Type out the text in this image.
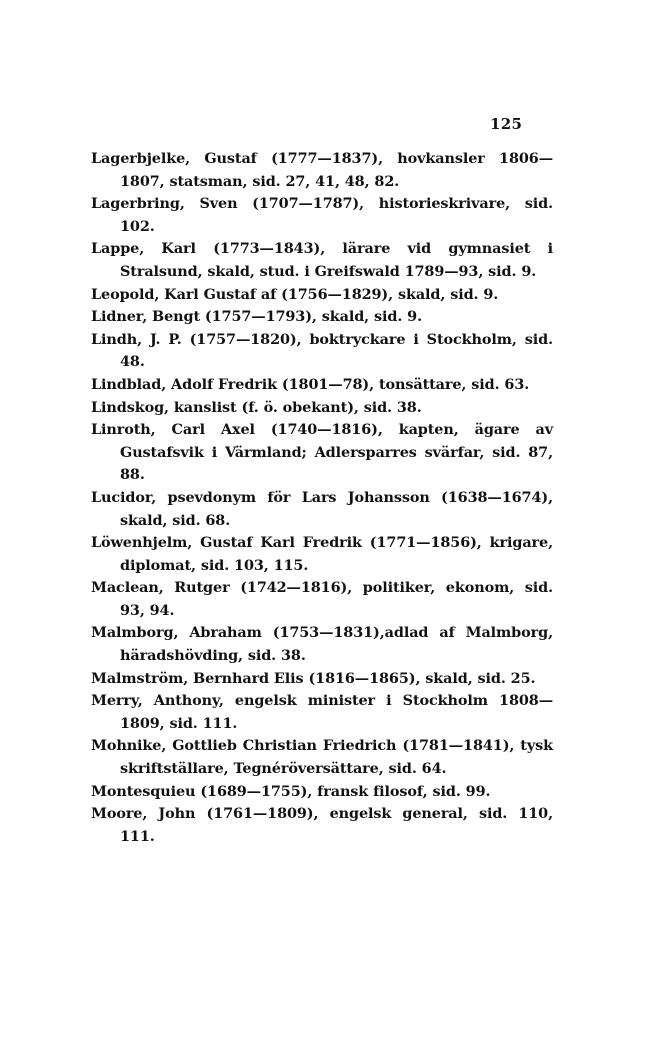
125

Lagerbjelke, Gustaf (1777—1837), hovkansler 1806—1807, statsman, sid. 27, 41, 48, 82.

Lagerbring, Sven (1707—1787), historieskrivare, sid. 102.

Lappe, Karl (1773—1843), lärare vid gymnasiet i Stralsund, skald, stud. i Greifswald 1789—93, sid. 9.

Leopold, Karl Gustaf af (1756—1829), skald, sid. 9.

Lidner, Bengt (1757—1793), skald, sid. 9.

Lindh, J. P. (1757—1820), boktryckare i Stockholm, sid. 48.

Lindblad, Adolf Fredrik (1801—78), tonsättare, sid. 63.

Lindskog, kanslist (f. ö. obekant), sid. 38.

Linroth, Carl Axel (1740—1816), kapten, ägare av Gustafsvik i Värmland; Adlersparres svärfar, sid. 87, 88.

Lucidor, psevdonym för Lars Johansson (1638—1674), skald, sid. 68.

Löwenhjelm, Gustaf Karl Fredrik (1771—1856), krigare, diplomat, sid. 103, 115.

Maclean, Rutger (1742—1816), politiker, ekonom, sid. 93, 94.

Malmborg, Abraham (1753—1831),adlad af Malmborg, häradshövding, sid. 38.

Malmström, Bernhard Elis (1816—1865), skald, sid. 25.

Merry, Anthony, engelsk minister i Stockholm 1808—1809, sid. 111.

Mohnike, Gottlieb Christian Friedrich (1781—1841), tysk skriftställare, Tegnéröversättare, sid. 64.

Montesquieu (1689—1755), fransk filosof, sid. 99.

Moore, John (1761—1809), engelsk general, sid. 110, 111.
